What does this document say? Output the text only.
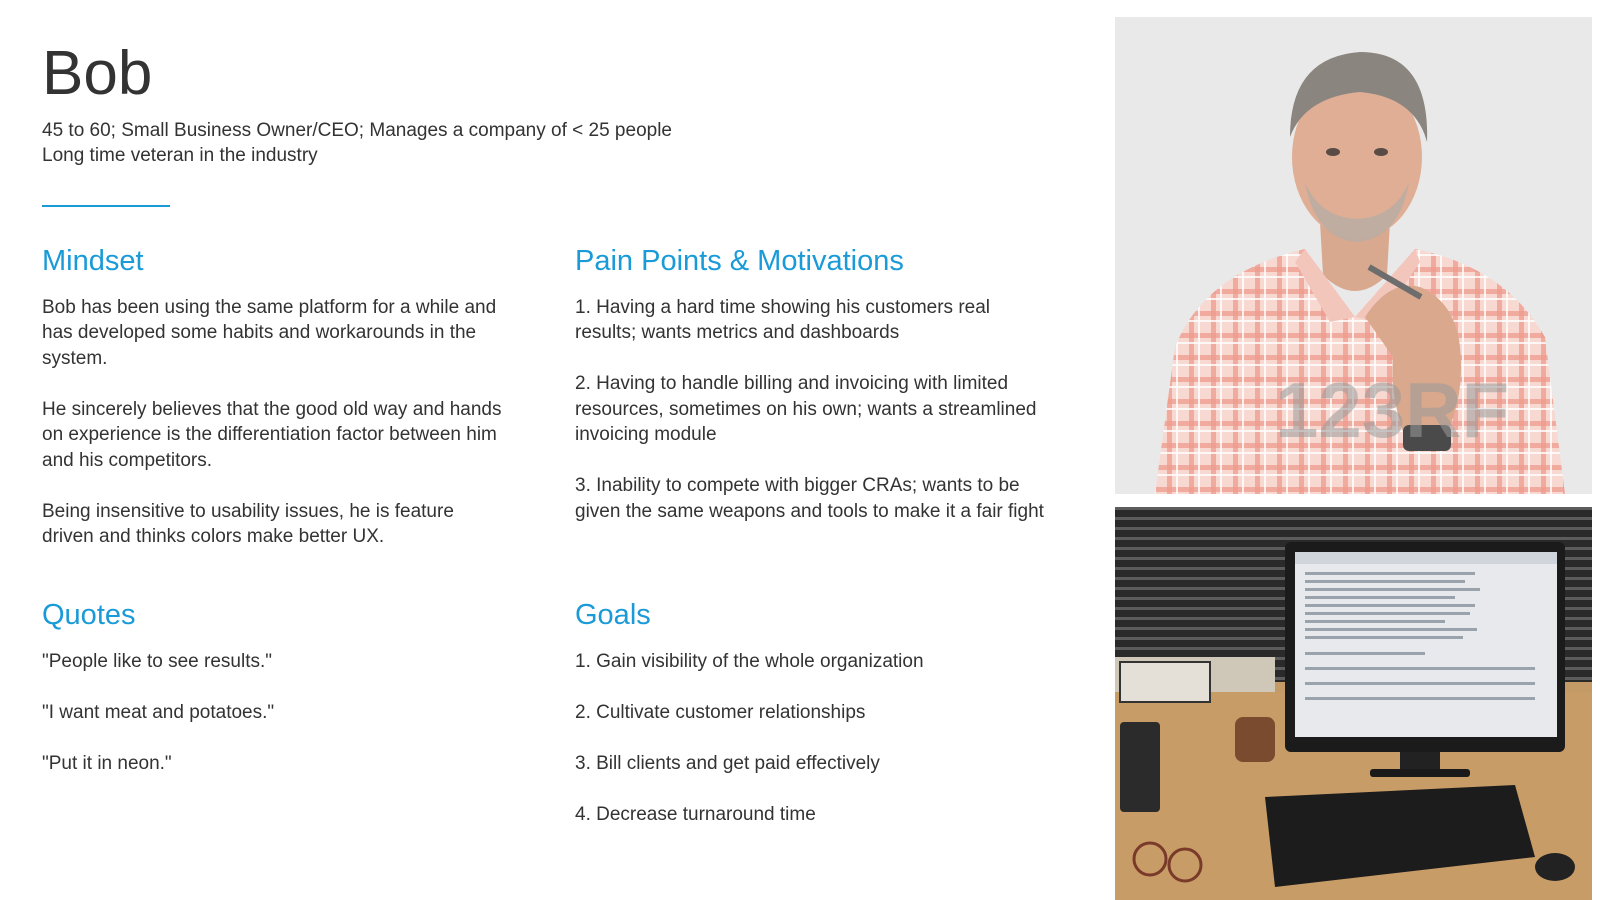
Bob
45 to 60; Small Business Owner/CEO; Manages a company of < 25 people
Long time veteran in the industry
Mindset

Bob has been using the same platform for a while and has developed some habits and workarounds in the system.

He sincerely believes that the good old way and hands on experience is the differentiation factor between him and his competitors.

Being insensitive to usability issues, he is feature driven and thinks colors make better UX.

Pain Points & Motivations

1. Having a hard time showing his customers real results; wants metrics and dashboards

2. Having to handle billing and invoicing with limited resources, sometimes on his own; wants a streamlined invoicing module

3. Inability to compete with bigger CRAs; wants to be given the same weapons and tools to make it a fair fight

Quotes

"People like to see results."

"I want meat and potatoes."

"Put it in neon."

Goals

1. Gain visibility of the whole organization

2. Cultivate customer relationships

3. Bill clients and get paid effectively

4. Decrease turnaround time

123RF
